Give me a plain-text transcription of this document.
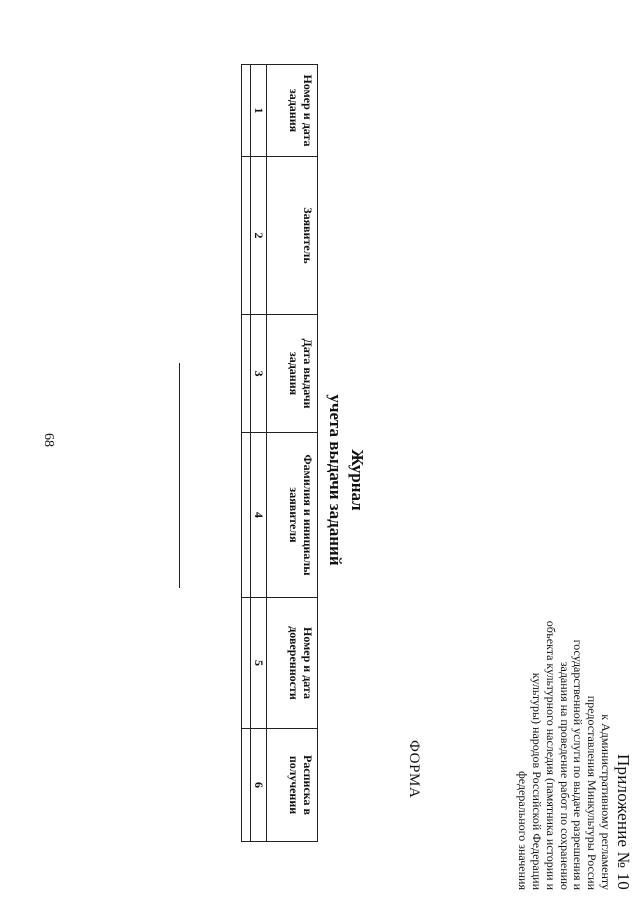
68

Приложение № 10

к Административному регламенту

предоставления Минкультуры России

государственной услуги по выдаче разрешения и

задания на проведение работ по сохранению

объекта культурного наследия (памятника истории и

культуры) народов Российской Федерации

федерального значения

ФОРМА
Журнал
учета выдачи заданий
Номер и дата задания	Заявитель	Дата выдачи задания	Фамилия и инициалы заявителя	Номер и дата доверенности	Расписка в получении
1	2	3	4	5	6
